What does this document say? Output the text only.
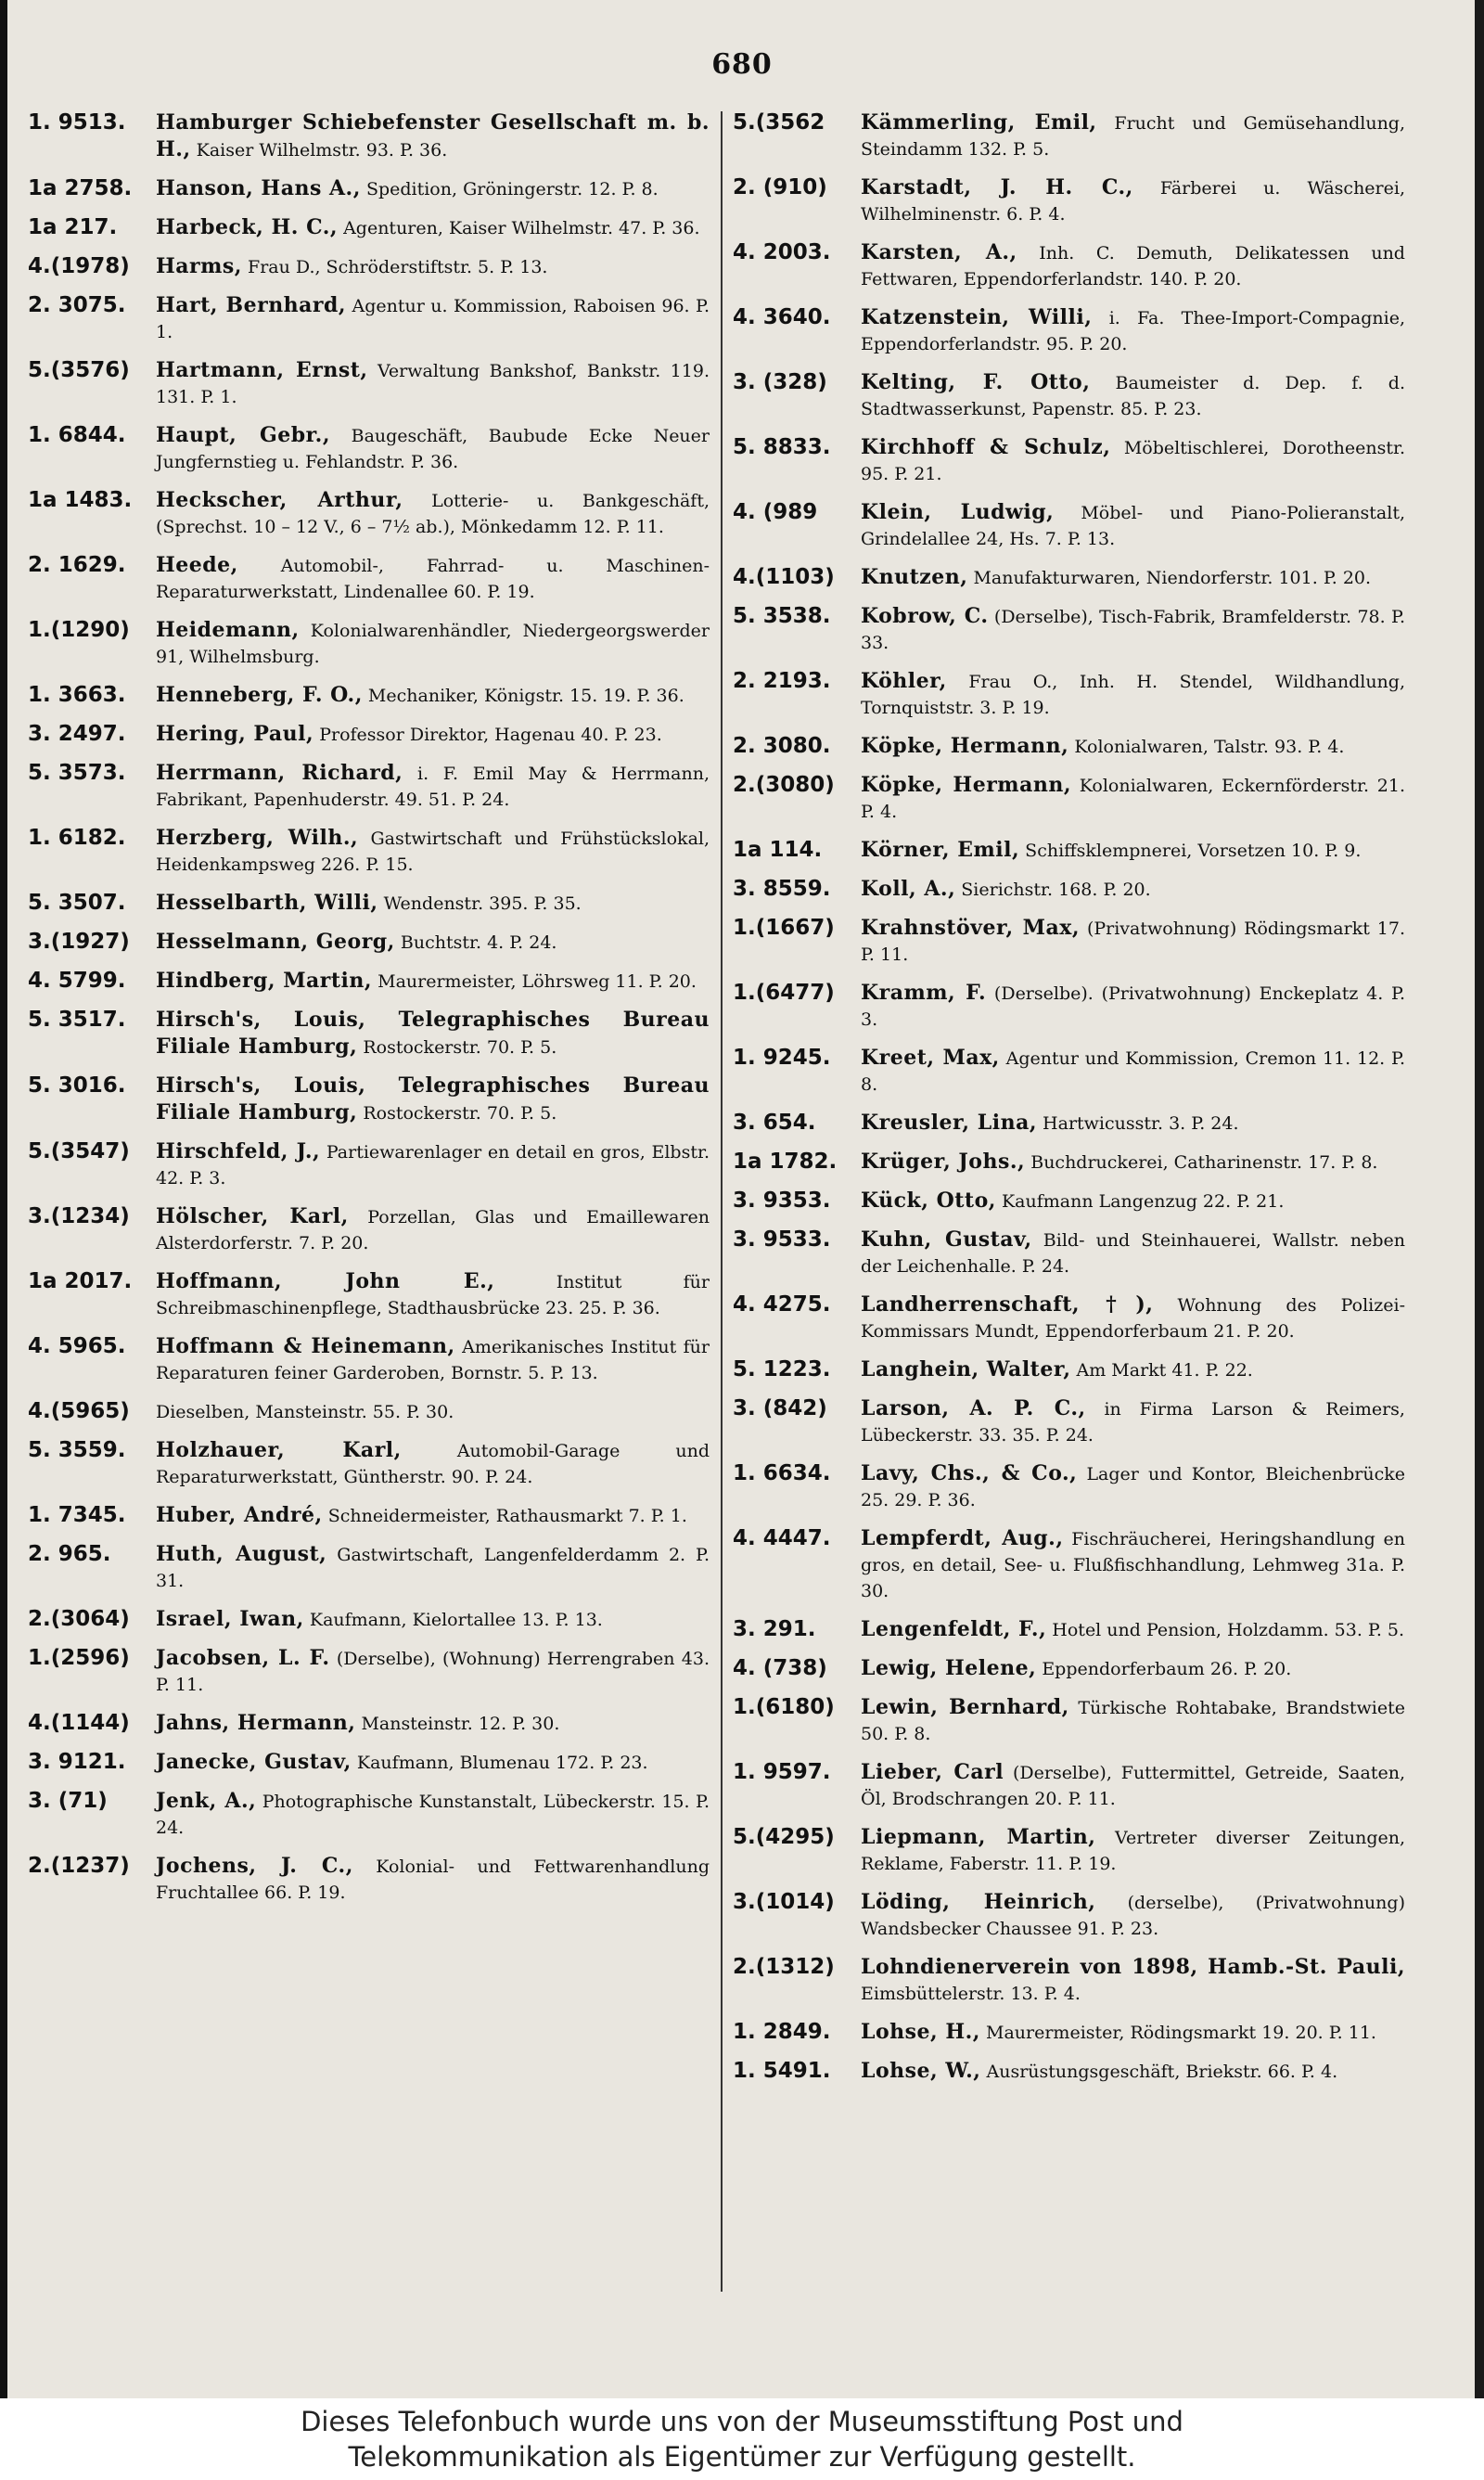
680
1. 9513.	Hamburger Schiebefenster Gesellschaft m. b. H., Kaiser Wilhelmstr. 93. P. 36.
1a 2758.	Hanson, Hans A., Spedition, Gröningerstr. 12. P. 8.
1a 217.	Harbeck, H. C., Agenturen, Kaiser Wilhelmstr. 47. P. 36.
4.(1978)	Harms, Frau D., Schröderstiftstr. 5. P. 13.
2. 3075.	Hart, Bernhard, Agentur u. Kommission, Raboisen 96. P. 1.
5.(3576)	Hartmann, Ernst, Verwaltung Bankshof, Bankstr. 119. 131. P. 1.
1. 6844.	Haupt, Gebr., Baugeschäft, Baubude Ecke Neuer Jungfernstieg u. Fehlandstr. P. 36.
1a 1483.	Heckscher, Arthur, Lotterie- u. Bankgeschäft, (Sprechst. 10 – 12 V., 6 – 7½ ab.), Mönkedamm 12. P. 11.
2. 1629.	Heede, Automobil-, Fahrrad- u. Maschinen-Reparaturwerkstatt, Lindenallee 60. P. 19.
1.(1290)	Heidemann, Kolonialwarenhändler, Niedergeorgswerder 91, Wilhelmsburg.
1. 3663.	Henneberg, F. O., Mechaniker, Königstr. 15. 19. P. 36.
3. 2497.	Hering, Paul, Professor Direktor, Hagenau 40. P. 23.
5. 3573.	Herrmann, Richard, i. F. Emil May & Herrmann, Fabrikant, Papenhuderstr. 49. 51. P. 24.
1. 6182.	Herzberg, Wilh., Gastwirtschaft und Frühstückslokal, Heidenkampsweg 226. P. 15.
5. 3507.	Hesselbarth, Willi, Wendenstr. 395. P. 35.
3.(1927)	Hesselmann, Georg, Buchtstr. 4. P. 24.
4. 5799.	Hindberg, Martin, Maurermeister, Löhrsweg 11. P. 20.
5. 3517.	Hirsch's, Louis, Telegraphisches Bureau Filiale Hamburg, Rostockerstr. 70. P. 5.
5. 3016.	Hirsch's, Louis, Telegraphisches Bureau Filiale Hamburg, Rostockerstr. 70. P. 5.
5.(3547)	Hirschfeld, J., Partiewarenlager en detail en gros, Elbstr. 42. P. 3.
3.(1234)	Hölscher, Karl, Porzellan, Glas und Emaillewaren Alsterdorferstr. 7. P. 20.
1a 2017.	Hoffmann, John E.,	Institut für Schreibmaschinenpflege, Stadthausbrücke 23. 25. P. 36.
4. 5965.	Hoffmann & Heinemann, Amerikanisches Institut für Reparaturen feiner Garderoben, Bornstr. 5. P. 13.
4.(5965)	Dieselben, Mansteinstr. 55. P. 30.
5. 3559.	Holzhauer, Karl,	Automobil-Garage und Reparaturwerkstatt, Güntherstr. 90. P. 24.
1. 7345.	Huber, André, Schneidermeister, Rathausmarkt 7. P. 1.
2. 965.	Huth, August, Gastwirtschaft, Langenfelderdamm 2. P. 31.
2.(3064)	Israel, Iwan, Kaufmann, Kielortallee 13. P. 13.
1.(2596)	Jacobsen, L. F. (Derselbe), (Wohnung) Herrengraben 43. P. 11.
4.(1144)	Jahns, Hermann, Mansteinstr. 12. P. 30.
3. 9121.	Janecke, Gustav, Kaufmann, Blumenau 172. P. 23.
3. (71)	Jenk, A., Photographische Kunstanstalt, Lübeckerstr. 15. P. 24.
2.(1237)	Jochens, J. C., Kolonial- und Fettwarenhandlung Fruchtallee 66. P. 19.
5.(3562	Kämmerling, Emil, Frucht und Gemüsehandlung, Steindamm 132. P. 5.
2. (910)	Karstadt, J. H. C., Färberei u. Wäscherei, Wilhelminenstr. 6. P. 4.
4. 2003.	Karsten, A., Inh. C. Demuth, Delikatessen und Fettwaren, Eppendorferlandstr. 140. P. 20.
4. 3640.	Katzenstein, Willi, i. Fa. Thee-Import-Compagnie, Eppendorferlandstr. 95. P. 20.
3. (328)	Kelting, F. Otto, Baumeister d. Dep. f. d. Stadtwasserkunst, Papenstr. 85. P. 23.
5. 8833.	Kirchhoff & Schulz, Möbeltischlerei, Dorotheenstr. 95. P. 21.
4. (989	Klein, Ludwig, Möbel- und Piano-Polieranstalt, Grindelallee 24, Hs. 7. P. 13.
4.(1103)	Knutzen, Manufakturwaren, Niendorferstr. 101. P. 20.
5. 3538.	Kobrow, C. (Derselbe), Tisch-Fabrik, Bramfelderstr. 78. P. 33.
2. 2193.	Köhler, Frau O., Inh. H. Stendel, Wildhandlung, Tornquiststr. 3. P. 19.
2. 3080.	Köpke, Hermann, Kolonialwaren, Talstr. 93. P. 4.
2.(3080)	Köpke, Hermann, Kolonialwaren, Eckernförderstr. 21. P. 4.
1a 114.	Körner, Emil, Schiffsklempnerei, Vorsetzen 10. P. 9.
3. 8559.	Koll, A., Sierichstr. 168. P. 20.
1.(1667)	Krahnstöver, Max, (Privatwohnung) Rödingsmarkt 17. P. 11.
1.(6477)	Kramm, F. (Derselbe). (Privatwohnung) Enckeplatz 4. P. 3.
1. 9245.	Kreet, Max, Agentur und Kommission, Cremon 11. 12. P. 8.
3. 654.	Kreusler, Lina, Hartwicusstr. 3. P. 24.
1a 1782.	Krüger, Johs., Buchdruckerei, Catharinenstr. 17. P. 8.
3. 9353.	Kück, Otto, Kaufmann Langenzug 22. P. 21.
3. 9533.	Kuhn, Gustav, Bild- und Steinhauerei, Wallstr. neben der Leichenhalle. P. 24.
4. 4275.	Landherrenschaft, †), Wohnung des Polizei-Kommissars Mundt, Eppendorferbaum 21. P. 20.
5. 1223.	Langhein, Walter, Am Markt 41. P. 22.
3. (842)	Larson, A. P. C., in Firma Larson & Reimers, Lübeckerstr. 33. 35. P. 24.
1. 6634.	Lavy, Chs., & Co., Lager und Kontor, Bleichenbrücke 25. 29. P. 36.
4. 4447.	Lempferdt, Aug., Fischräucherei, Heringshandlung en gros, en detail, See- u. Flußfischhandlung, Lehmweg 31a. P. 30.
3. 291.	Lengenfeldt, F., Hotel und Pension, Holzdamm. 53. P. 5.
4. (738)	Lewig, Helene, Eppendorferbaum 26. P. 20.
1.(6180)	Lewin, Bernhard, Türkische Rohtabake, Brandstwiete 50. P. 8.
1. 9597.	Lieber, Carl (Derselbe), Futtermittel, Getreide, Saaten, Öl, Brodschrangen 20. P. 11.
5.(4295)	Liepmann, Martin, Vertreter diverser Zeitungen, Reklame, Faberstr. 11. P. 19.
3.(1014)	Löding, Heinrich, (derselbe), (Privatwohnung) Wandsbecker Chaussee 91. P. 23.
2.(1312)	Lohndienerverein von 1898, Hamb.-St. Pauli, Eimsbüttelerstr. 13. P. 4.
1. 2849.	Lohse, H., Maurermeister, Rödingsmarkt 19. 20. P. 11.
1. 5491.	Lohse, W., Ausrüstungsgeschäft, Briekstr. 66. P. 4.
Dieses Telefonbuch wurde uns von der Museumsstiftung Post und
Telekommunikation als Eigentümer zur Verfügung gestellt.
